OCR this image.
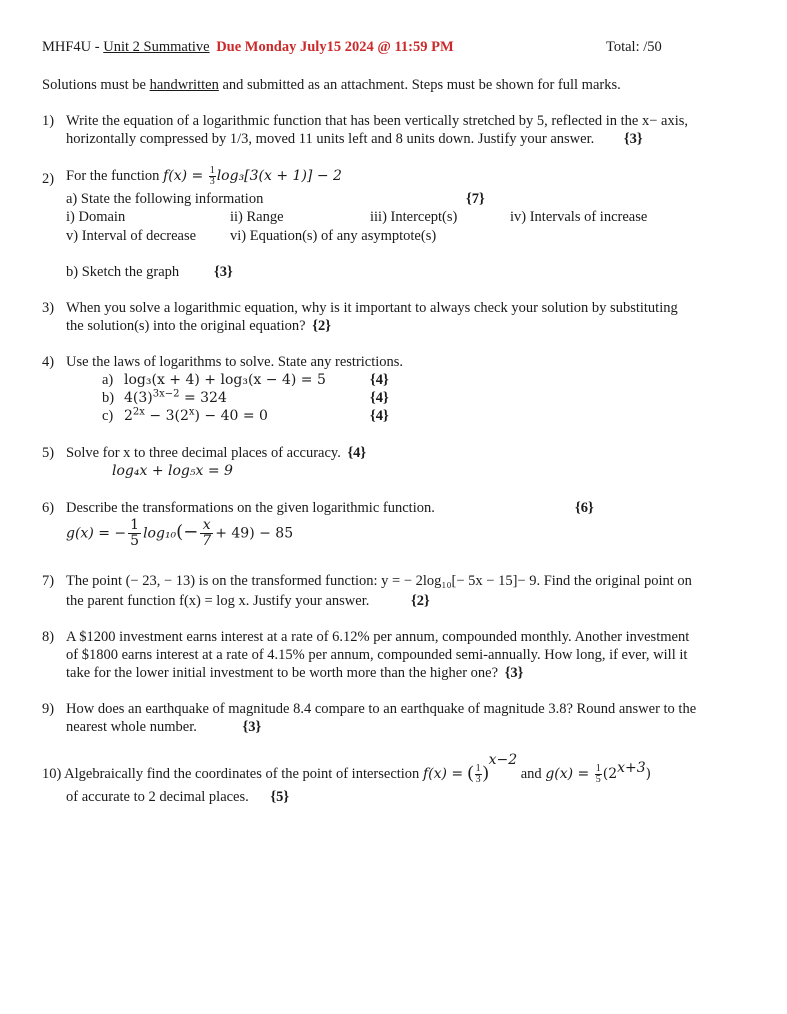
MHF4U - Unit 2 Summative Due Monday July15 2024 @ 11:59 PM	Total: /50
Solutions must be handwritten and submitted as an attachment. Steps must be shown for full marks.
1) Write the equation of a logarithmic function that has been vertically stretched by 5, reflected in the x− axis,
horizontally compressed by 1/3, moved 11 units left and 8 units down. Justify your answer. {3}
2) For the function $f(x) = \frac{1}{3} \log_3[3(x + 1)] - 2$
a) State the following information	{7}
i) Domain	ii) Range	iii) Intercept(s)	iv) Intervals of increase
v) Interval of decrease vi) Equation(s) of any asymptote(s)
b) Sketch the graph {3}
3) When you solve a logarithmic equation, why is it important to always check your solution by substituting
the solution(s) into the original equation? {2}
4) Use the laws of logarithms to solve. State any restrictions.
a) log₃(x + 4) + log₃(x − 4) = 5	{4}
b) $4(3)^{3x-2} = 324$	{4}
c) $2^{2x} - 3(2^x) - 40 = 0$	{4}
5) Solve for x to three decimal places of accuracy. {4}
log₄x + log₅x = 9
6) Describe the transformations on the given logarithmic function.	{6}
g(x) = − $\frac{1}{5} \log_{10}(- \frac{x}{7} + 49) - 85$
7) The point (− 23, − 13) is on the transformed function: y = − 2log₁₀[− 5x − 15]− 9. Find the original point on
the parent function f(x) = log x. Justify your answer.	{2}
8) A $1200 investment earns interest at a rate of 6.12% per annum, compounded monthly. Another investment
of $1800 earns interest at a rate of 4.15% per annum, compounded semi-annually. How long, if ever, will it
take for the lower initial investment to be worth more than the higher one? {3}
9) How does an earthquake of magnitude 8.4 compare to an earthquake of magnitude 3.8? Round answer to the
nearest whole number.	{3}
10) Algebraically find the coordinates of the point of intersection f(x) = ( $\frac{1}{3} )^{x-2}$ and $g(x) = \frac{1}{5} (2^{x+3})$
of accurate to 2 decimal places. {5}
